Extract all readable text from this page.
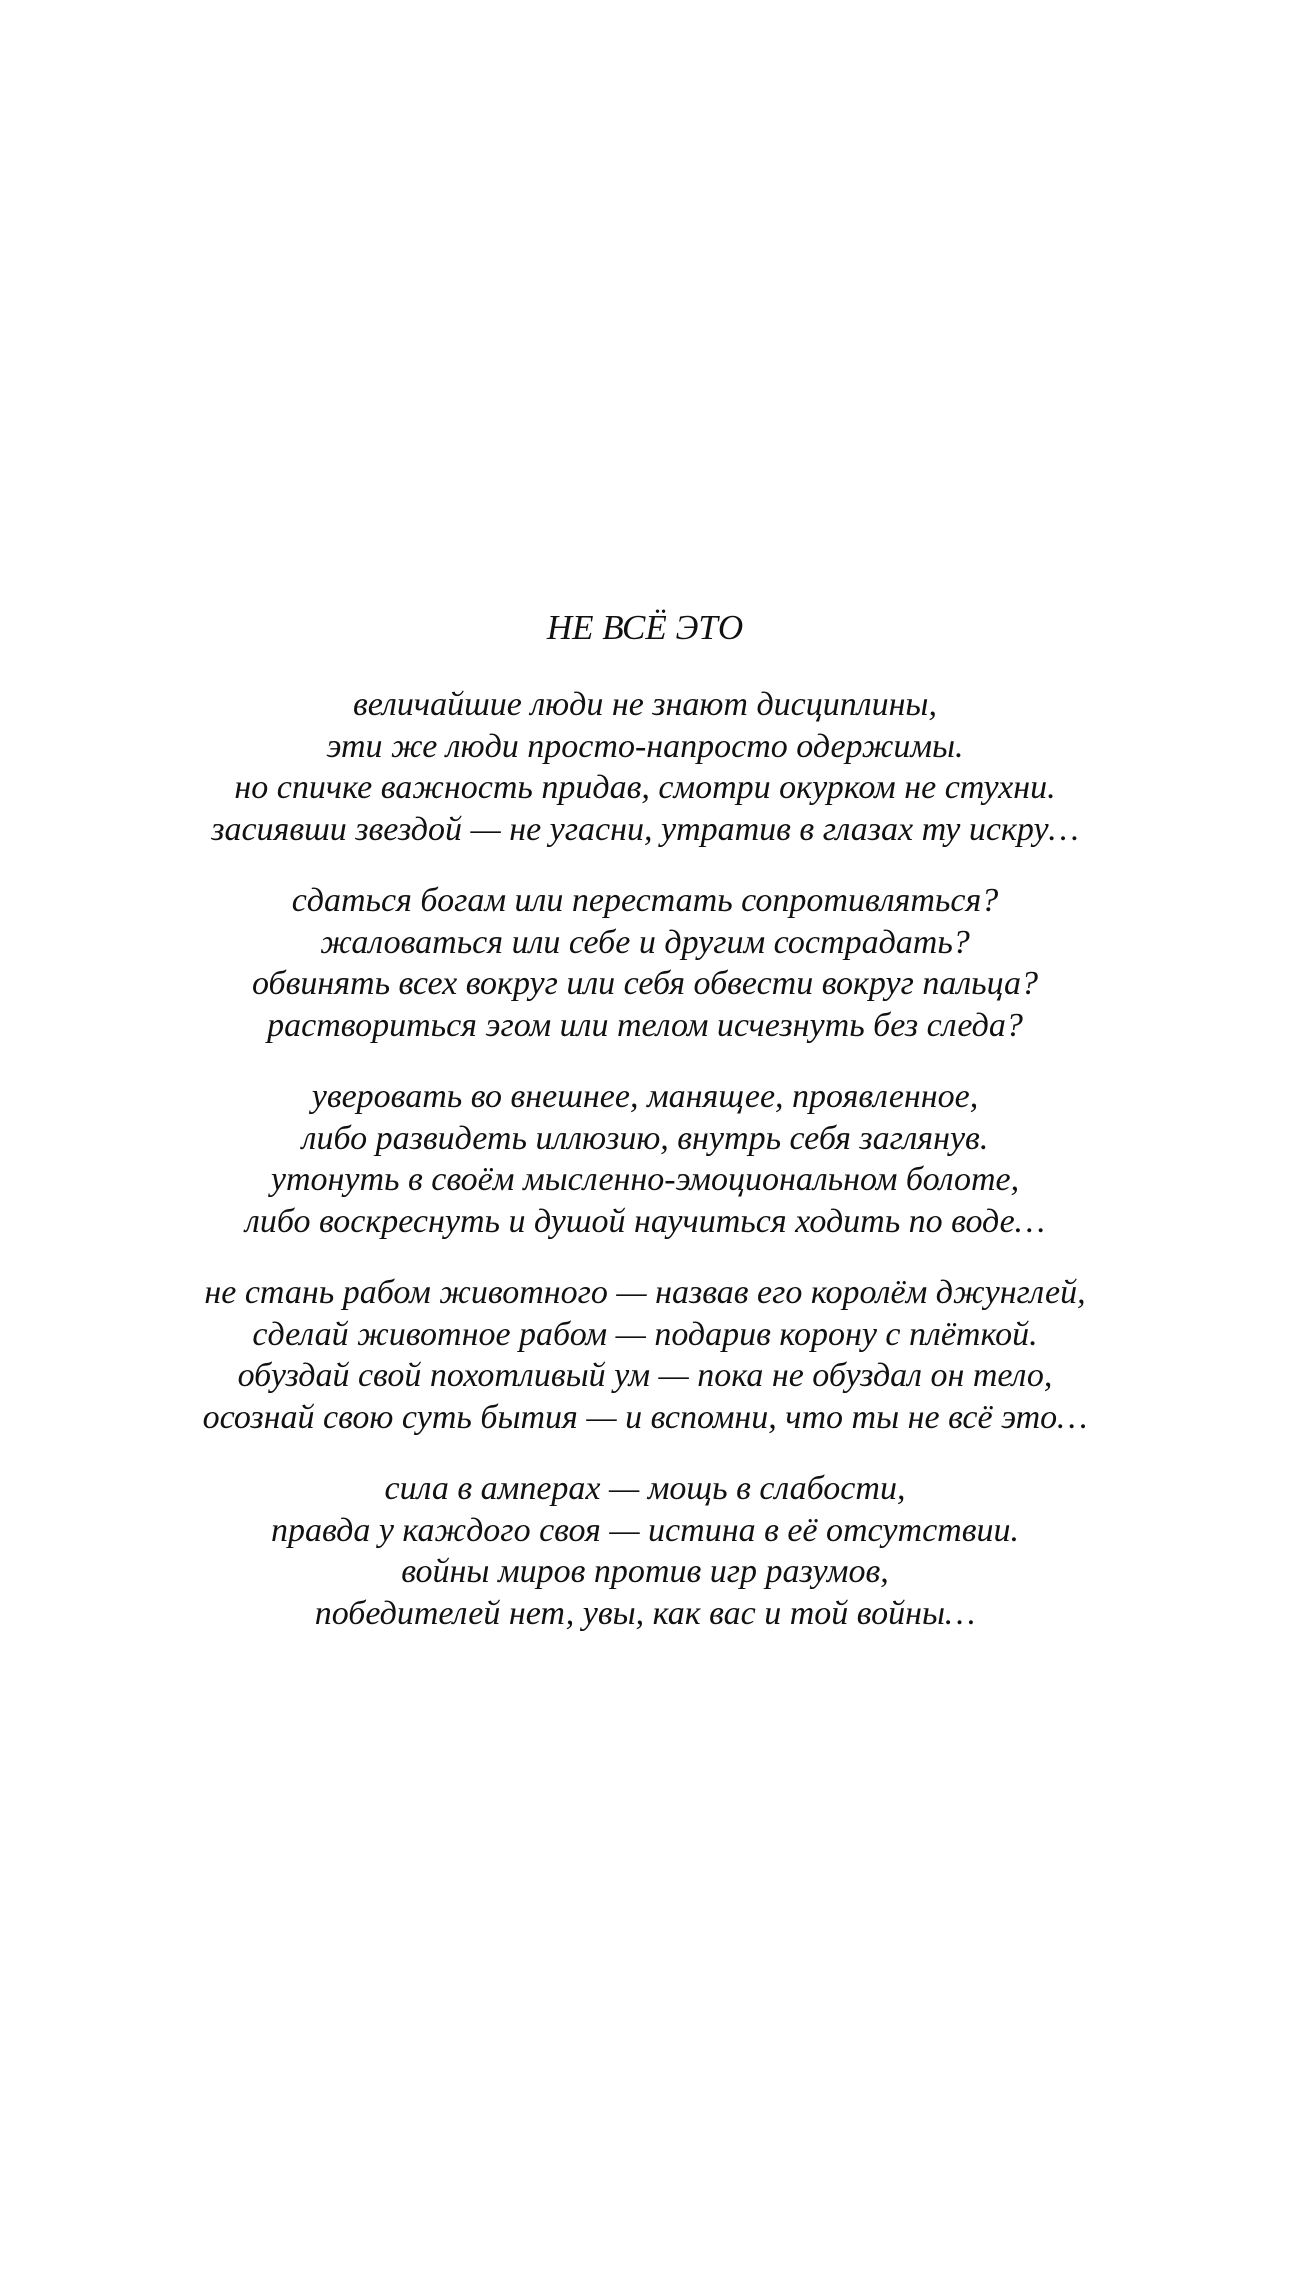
НЕ ВСЁ ЭТО
величайшие люди не знают дисциплины,
эти же люди просто-напросто одержимы.
но спичке важность придав, смотри окурком не стухни.
засиявши звездой — не угасни, утратив в глазах ту искру…
сдаться богам или перестать сопротивляться?
жаловаться или себе и другим сострадать?
обвинять всех вокруг или себя обвести вокруг пальца?
раствориться эгом или телом исчезнуть без следа?
уверовать во внешнее, манящее, проявленное,
либо развидеть иллюзию, внутрь себя заглянув.
утонуть в своём мысленно-эмоциональном болоте,
либо воскреснуть и душой научиться ходить по воде…
не стань рабом животного — назвав его королём джунглей,
сделай животное рабом — подарив корону с плёткой.
обуздай свой похотливый ум — пока не обуздал он тело,
осознай свою суть бытия — и вспомни, что ты не всё это…
сила в амперах — мощь в слабости,
правда у каждого своя — истина в её отсутствии.
войны миров против игр разумов,
победителей нет, увы, как вас и той войны…
